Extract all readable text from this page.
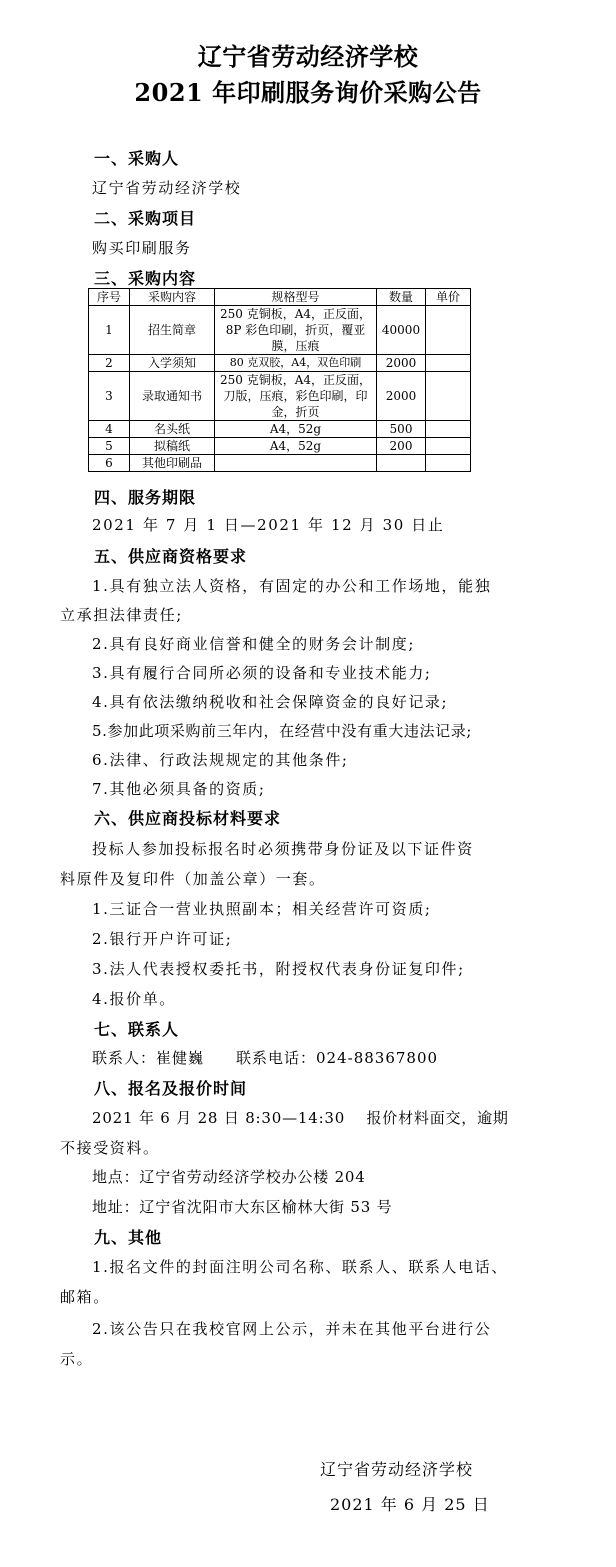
辽宁省劳动经济学校
2021 年印刷服务询价采购公告
一、采购人
辽宁省劳动经济学校
二、采购项目
购买印刷服务
三、采购内容
序号	采购内容	规格型号	数量	单价
1	招生简章	250 克铜板，A4，正反面，
8P 彩色印刷，折页，覆亚
膜，压痕	40000	
2	入学须知	80 克双胶，A4，双色印刷	2000	
3	录取通知书	250 克铜板，A4，正反面，
刀版，压痕，彩色印刷，印
金，折页	2000	
4	名头纸	A4，52g	500	
5	拟稿纸	A4，52g	200	
6	其他印刷品	

四、服务期限
2021 年 7 月 1 日—2021 年 12 月 30 日止
五、供应商资格要求
1.具有独立法人资格，有固定的办公和工作场地，能独
立承担法律责任;
2.具有良好商业信誉和健全的财务会计制度;
3.具有履行合同所必须的设备和专业技术能力;
4.具有依法缴纳税收和社会保障资金的良好记录;
5.参加此项采购前三年内，在经营中没有重大违法记录;
6.法律、行政法规规定的其他条件;
7.其他必须具备的资质;
六、供应商投标材料要求
投标人参加投标报名时必须携带身份证及以下证件资
料原件及复印件（加盖公章）一套。
1.三证合一营业执照副本；相关经营许可资质;
2.银行开户许可证;
3.法人代表授权委托书，附授权代表身份证复印件;
4.报价单。
七、联系人
联系人：崔健巍　　联系电话：024-88367800
八、报名及报价时间
2021 年 6 月 28 日 8:30—14:30　 报价材料面交，逾期
不接受资料。
地点：辽宁省劳动经济学校办公楼 204
地址：辽宁省沈阳市大东区榆林大街 53 号
九、其他
1.报名文件的封面注明公司名称、联系人、联系人电话、
邮箱。
2.该公告只在我校官网上公示，并未在其他平台进行公
示。
辽宁省劳动经济学校
2021 年 6 月 25 日
